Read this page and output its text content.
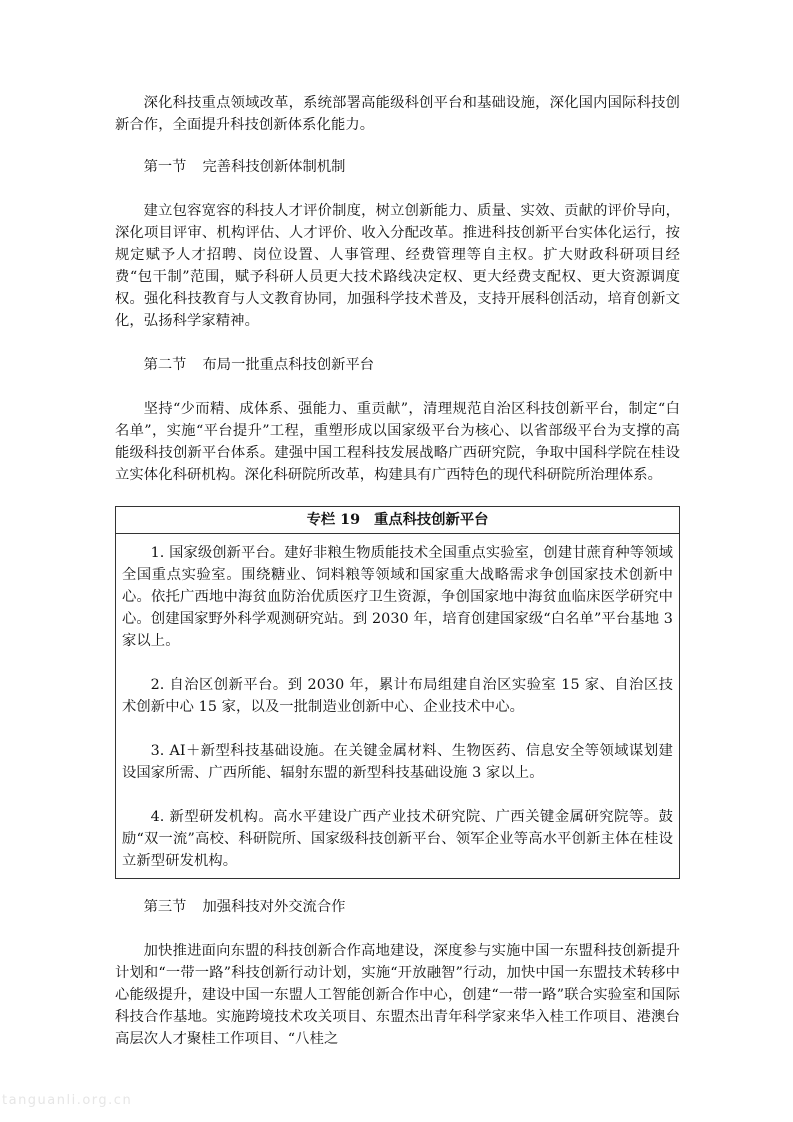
深化科技重点领域改革，系统部署高能级科创平台和基础设施，深化国内国际科技创新合作，全面提升科技创新体系化能力。

第一节 完善科技创新体制机制

建立包容宽容的科技人才评价制度，树立创新能力、质量、实效、贡献的评价导向，深化项目评审、机构评估、人才评价、收入分配改革。推进科技创新平台实体化运行，按规定赋予人才招聘、岗位设置、人事管理、经费管理等自主权。扩大财政科研项目经费“包干制”范围，赋予科研人员更大技术路线决定权、更大经费支配权、更大资源调度权。强化科技教育与人文教育协同，加强科学技术普及，支持开展科创活动，培育创新文化，弘扬科学家精神。

第二节 布局一批重点科技创新平台

坚持“少而精、成体系、强能力、重贡献”，清理规范自治区科技创新平台，制定“白名单”，实施“平台提升”工程，重塑形成以国家级平台为核心、以省部级平台为支撑的高能级科技创新平台体系。建强中国工程科技发展战略广西研究院，争取中国科学院在桂设立实体化科研机构。深化科研院所改革，构建具有广西特色的现代科研院所治理体系。

专栏 19 重点科技创新平台

1. 国家级创新平台。建好非粮生物质能技术全国重点实验室，创建甘蔗育种等领域全国重点实验室。围绕糖业、饲料粮等领域和国家重大战略需求争创国家技术创新中心。依托广西地中海贫血防治优质医疗卫生资源，争创国家地中海贫血临床医学研究中心。创建国家野外科学观测研究站。到 2030 年，培育创建国家级“白名单”平台基地 3 家以上。

2. 自治区创新平台。到 2030 年，累计布局组建自治区实验室 15 家、自治区技术创新中心 15 家，以及一批制造业创新中心、企业技术中心。

3. AI＋新型科技基础设施。在关键金属材料、生物医药、信息安全等领域谋划建设国家所需、广西所能、辐射东盟的新型科技基础设施 3 家以上。

4. 新型研发机构。高水平建设广西产业技术研究院、广西关键金属研究院等。鼓励“双一流”高校、科研院所、国家级科技创新平台、领军企业等高水平创新主体在桂设立新型研发机构。

第三节 加强科技对外交流合作

加快推进面向东盟的科技创新合作高地建设，深度参与实施中国一东盟科技创新提升计划和“一带一路”科技创新行动计划，实施“开放融智”行动，加快中国一东盟技术转移中心能级提升，建设中国一东盟人工智能创新合作中心，创建“一带一路”联合实验室和国际科技合作基地。实施跨境技术攻关项目、东盟杰出青年科学家来华入桂工作项目、港澳台高层次人才聚桂工作项目、“八桂之

tanguanli.org.cn
